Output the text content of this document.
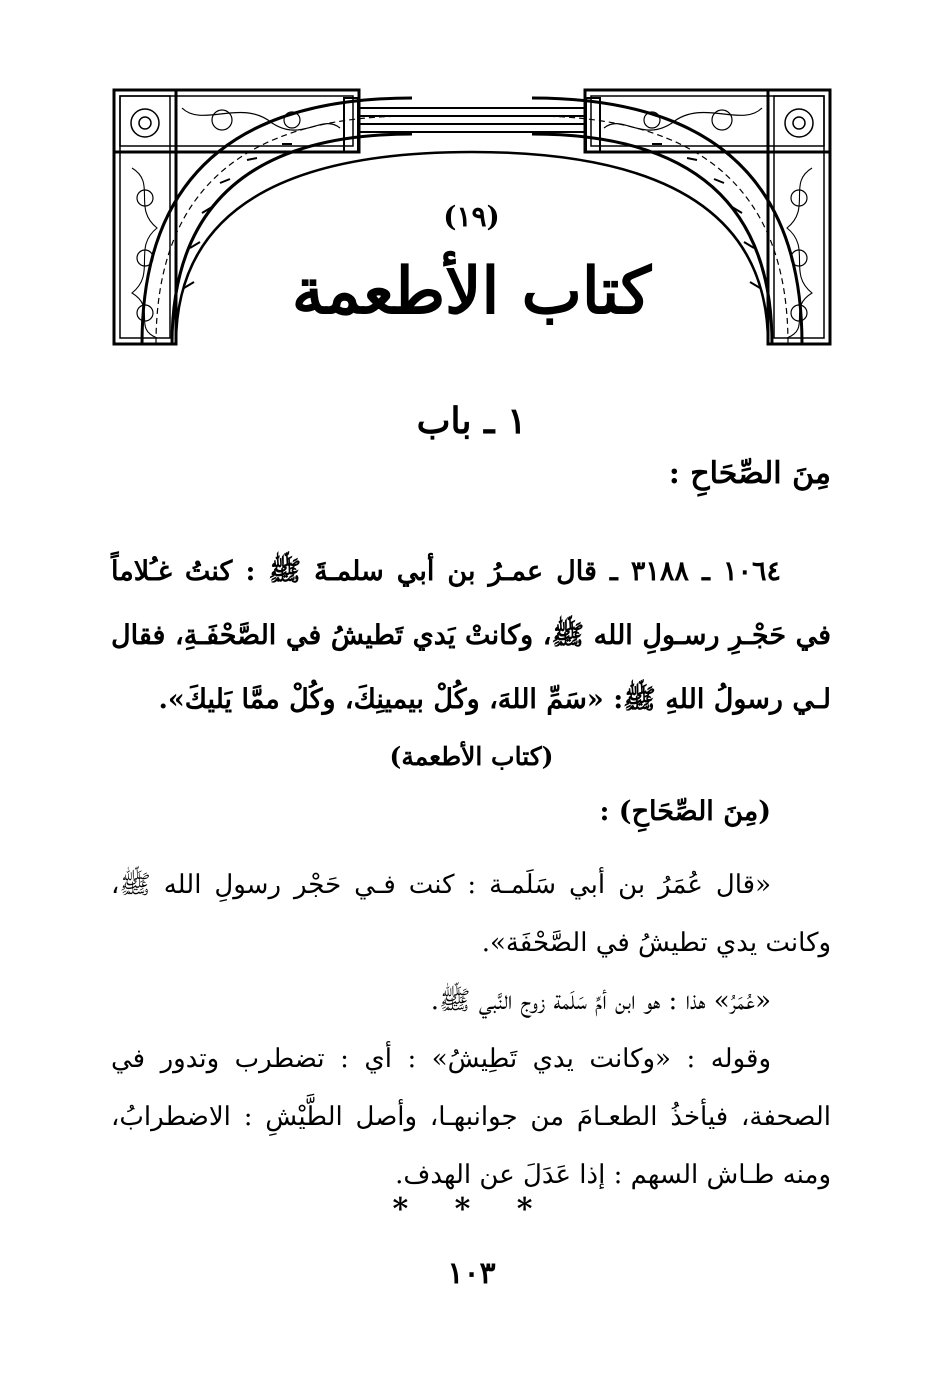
(١٩)
كتاب الأطعمة
١ ـ باب
مِنَ الصِّحَاحِ :
١٠٦٤ ـ ٣١٨٨ ـ قال عمـرُ بن أبي سلمـةَ ﷺ : كنتُ غـُلاماً في حَجْـرِ رسـولِ الله ﷺ، وكانتْ يَدي تَطيشُ في الصَّحْفَـةِ، فقال لـي رسولُ اللهِ ﷺ: «سَمِّ اللهَ، وكُلْ بيمينِكَ، وكُلْ ممَّا يَليكَ».
(كتاب الأطعمة)
(مِنَ الصِّحَاحِ) :

«قال عُمَرُ بن أبي سَلَمـة : كنت فـي حَجْر رسولِ الله ﷺ، وكانت يدي تطيشُ في الصَّحْفَة».

«عُمَرُ» هذا : هو ابن أمِّ سَلَمة زوج النَّبي ﷺ.

وقوله : «وكانت يدي تَطِيشُ» : أي : تضطرب وتدور في الصحفة، فيأخذُ الطعـامَ من جوانبهـا، وأصل الطَّيْشِ : الاضطرابُ، ومنه طـاش السهم : إذا عَدَلَ عن الهدف.

* * *
١٠٣
